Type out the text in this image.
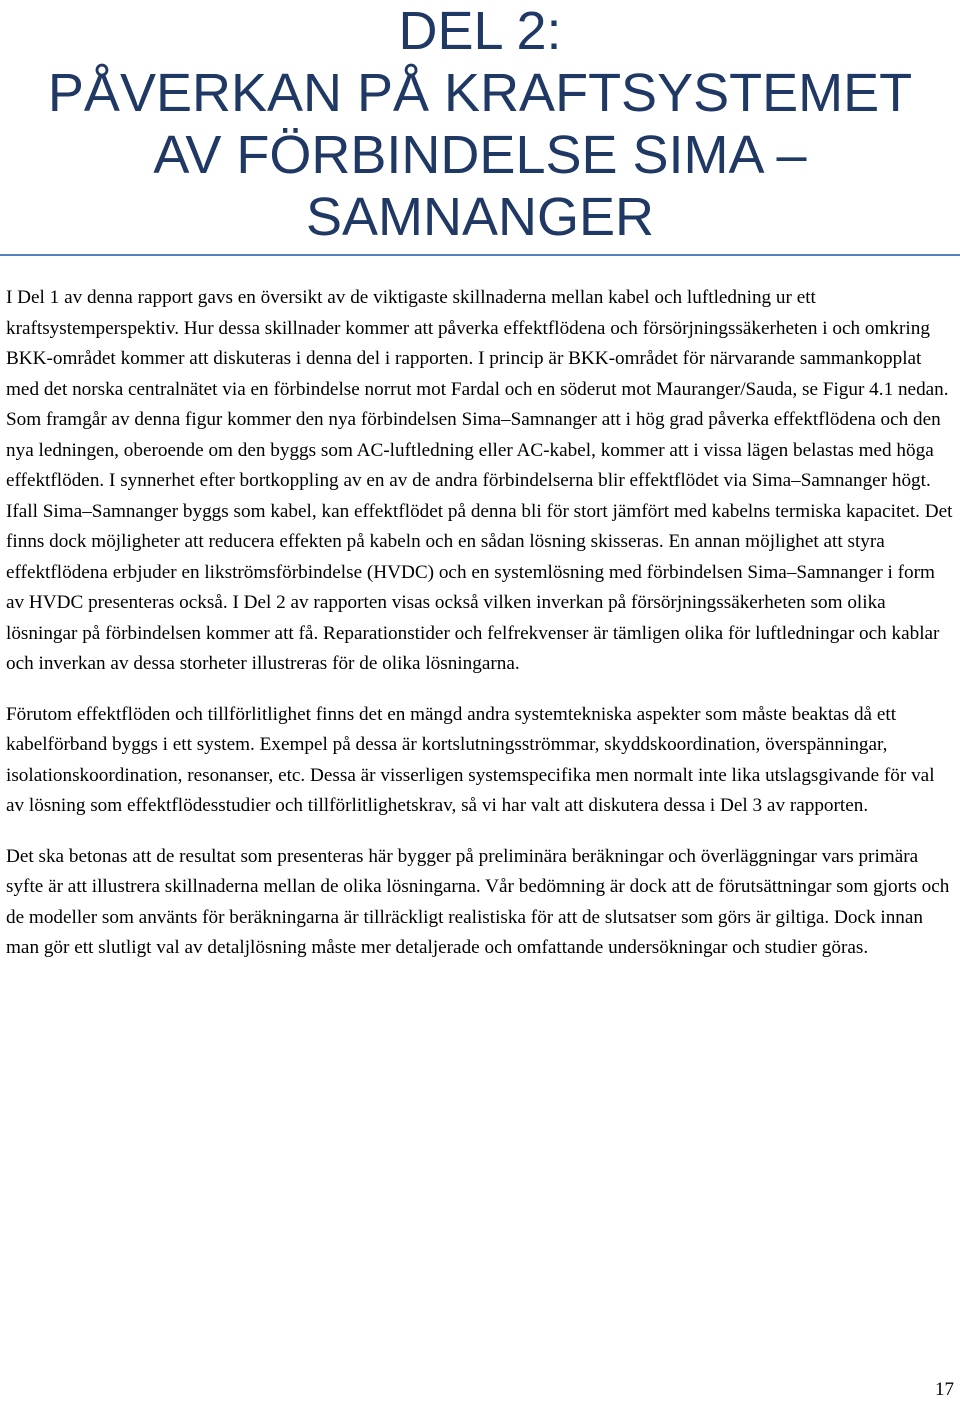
DEL 2:
PÅVERKAN PÅ KRAFTSYSTEMET
AV FÖRBINDELSE SIMA –
SAMNANGER

I Del 1 av denna rapport gavs en översikt av de viktigaste skillnaderna mellan kabel och luftledning ur ett kraftsystemperspektiv. Hur dessa skillnader kommer att påverka effektflödena och försörjningssäkerheten i och omkring BKK-området kommer att diskuteras i denna del i rapporten. I princip är BKK-området för närvarande sammankopplat med det norska centralnätet via en förbindelse norrut mot Fardal och en söderut mot Mauranger/Sauda, se Figur 4.1 nedan. Som framgår av denna figur kommer den nya förbindelsen Sima–Samnanger att i hög grad påverka effektflödena och den nya ledningen, oberoende om den byggs som AC-luftledning eller AC-kabel, kommer att i vissa lägen belastas med höga effektflöden. I synnerhet efter bortkoppling av en av de andra förbindelserna blir effektflödet via Sima–Samnanger högt. Ifall Sima–Samnanger byggs som kabel, kan effektflödet på denna bli för stort jämfört med kabelns termiska kapacitet. Det finns dock möjligheter att reducera effekten på kabeln och en sådan lösning skisseras. En annan möjlighet att styra effektflödena erbjuder en likströmsförbindelse (HVDC) och en systemlösning med förbindelsen Sima–Samnanger i form av HVDC presenteras också. I Del 2 av rapporten visas också vilken inverkan på försörjningssäkerheten som olika lösningar på förbindelsen kommer att få. Reparationstider och felfrekvenser är tämligen olika för luftledningar och kablar och inverkan av dessa storheter illustreras för de olika lösningarna.

Förutom effektflöden och tillförlitlighet finns det en mängd andra systemtekniska aspekter som måste beaktas då ett kabelförband byggs i ett system. Exempel på dessa är kortslutningsströmmar, skyddskoordination, överspänningar, isolationskoordination, resonanser, etc. Dessa är visserligen systemspecifika men normalt inte lika utslagsgivande för val av lösning som effektflödesstudier och tillförlitlighetskrav, så vi har valt att diskutera dessa i Del 3 av rapporten.

Det ska betonas att de resultat som presenteras här bygger på preliminära beräkningar och överläggningar vars primära syfte är att illustrera skillnaderna mellan de olika lösningarna. Vår bedömning är dock att de förutsättningar som gjorts och de modeller som använts för beräkningarna är tillräckligt realistiska för att de slutsatser som görs är giltiga. Dock innan man gör ett slutligt val av detaljlösning måste mer detaljerade och omfattande undersökningar och studier göras.

17
